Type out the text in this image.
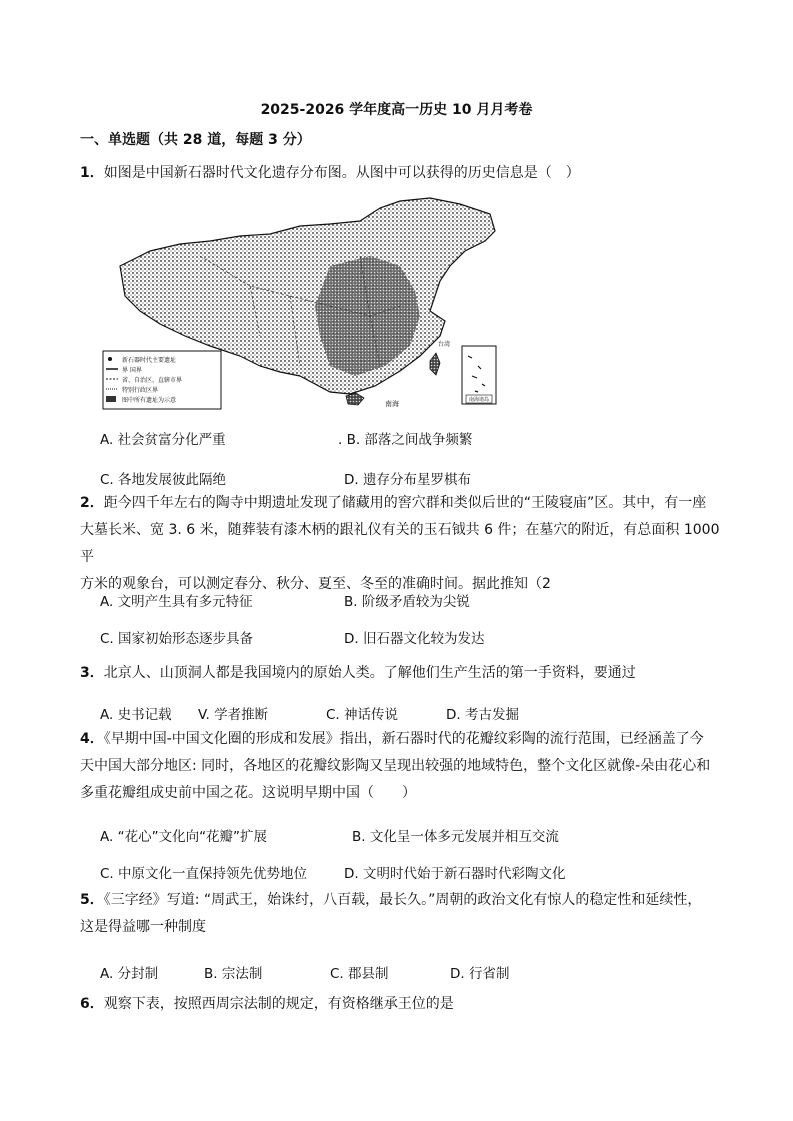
2025-2026 学年度高一历史 10 月月考卷
一、单选题（共 28 道，每题 3 分）
1．如图是中国新石器时代文化遗存分布图。从图中可以获得的历史信息是（　）
新石器时代主要遗址
界 国界
省、自治区、直辖市界
特别行政区界
图中所有遗址为示意	南海诸岛
南海
台湾
A. 社会贫富分化严重	. B. 部落之间战争频繁
C. 各地发展彼此隔绝	D. 遗存分布星罗棋布
2．距今四千年左右的陶寺中期遗址发现了储藏用的窖穴群和类似后世的“王陵寝庙”区。其中，有一座
大墓长米、宽 3. 6 米，随葬装有漆木柄的跟礼仪有关的玉石钺共 6 件；在墓穴的附近，有总面积 1000 平
方米的观象台，可以测定春分、秋分、夏至、冬至的准确时间。据此推知（2
A. 文明产生具有多元特征	B. 阶级矛盾较为尖锐
C. 国家初始形态逐步具备	D. 旧石器文化较为发达
3．北京人、山顶洞人都是我国境内的原始人类。了解他们生产生活的第一手资料，要通过
A. 史书记载 V. 学者推断	C. 神话传说	D. 考古发掘
4．《早期中国-中国文化圈的形成和发展》指出，新石器时代的花瓣纹彩陶的流行范围，已经涵盖了今
天中国大部分地区: 同时，各地区的花瓣纹影陶又呈现出较强的地域特色，整个文化区就像-朵由花心和
多重花瓣组成史前中国之花。这说明早期中国（　　）
A. “花心”文化向“花瓣”扩展	B. 文化呈一体多元发展并相互交流
C. 中原文化一直保持领先优势地位	D. 文明时代始于新石器时代彩陶文化
5．《三字经》写道: “周武王，始诛纣，八百载，最长久。”周朝的政治文化有惊人的稳定性和延续性，
这是得益哪一种制度
A. 分封制	B. 宗法制	C. 郡县制	D. 行省制
6．观察下表，按照西周宗法制的规定，有资格继承王位的是
